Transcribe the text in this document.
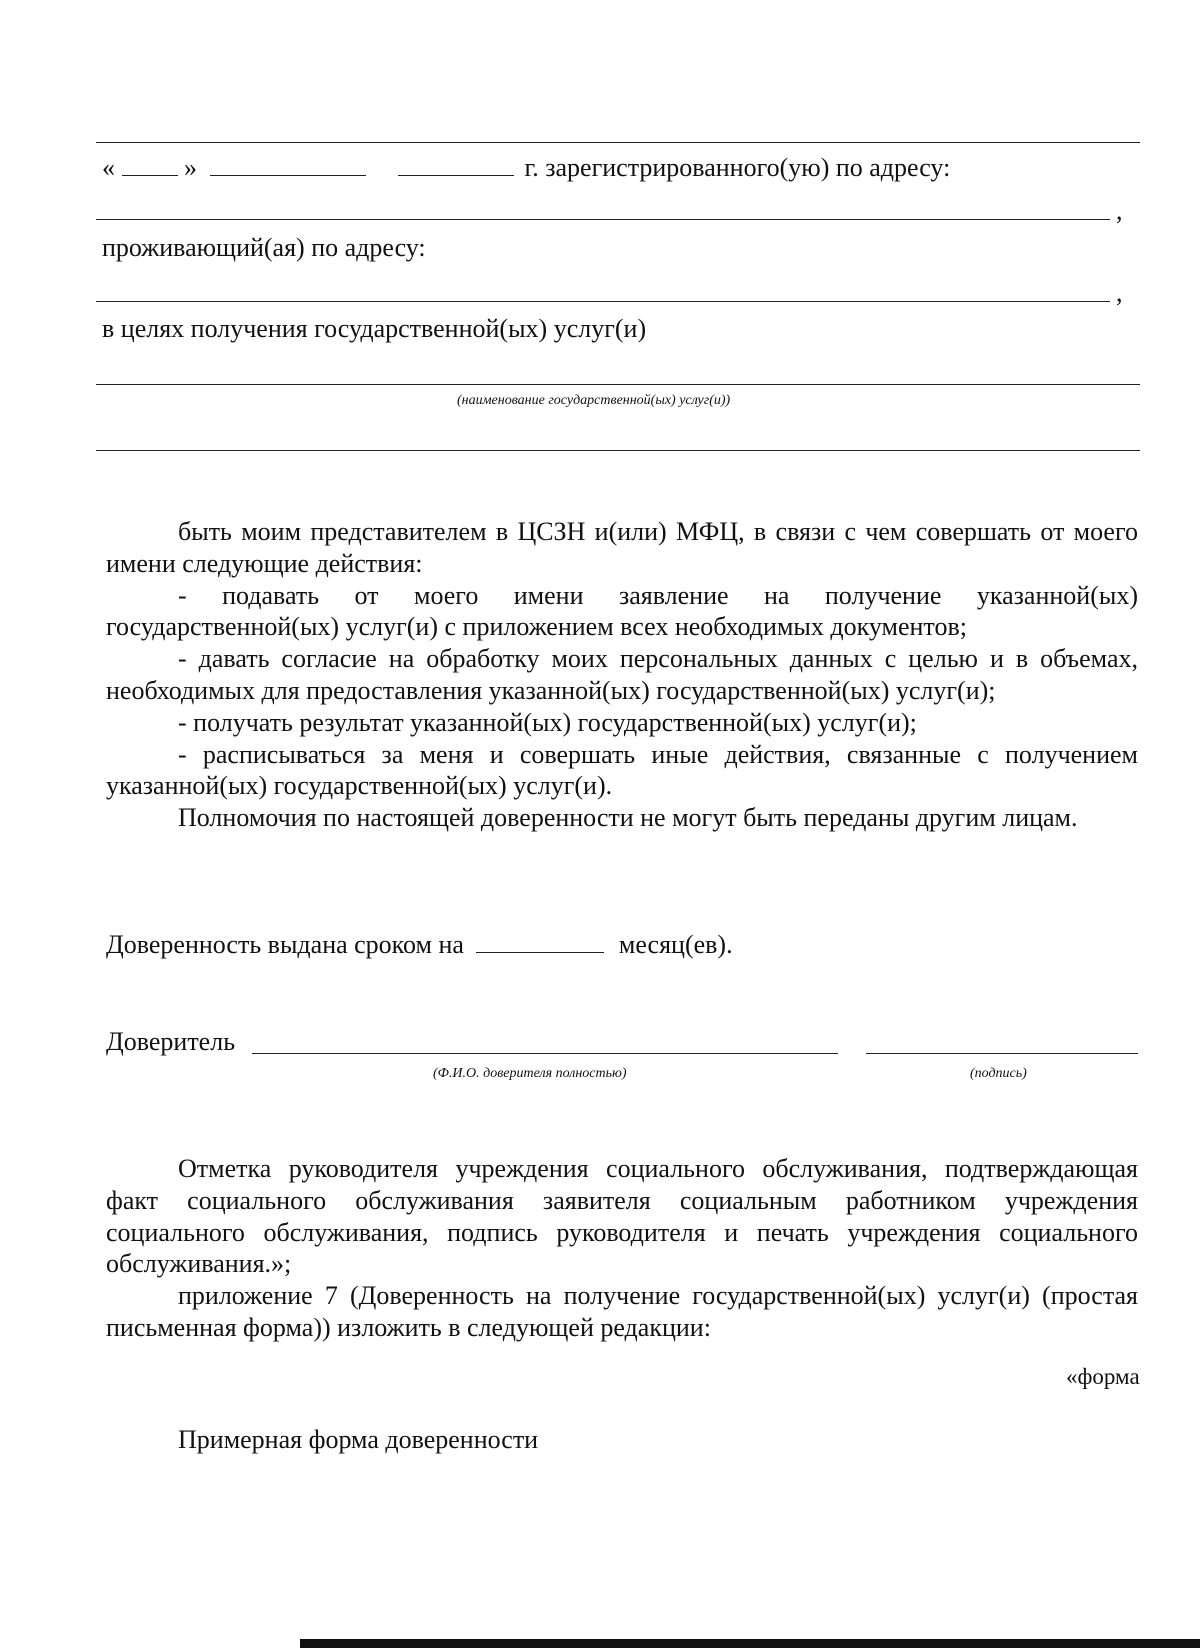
«	»	г. зарегистрированного(ую) по адресу:
,
проживающий(ая) по адресу:
,
в целях получения государственной(ых) услуг(и)
(наименование государственной(ых) услуг(и))

быть моим представителем в ЦСЗН и(или) МФЦ, в связи с чем совершать от моего имени следующие действия:

- подавать от моего имени заявление на получение указанной(ых) государственной(ых) услуг(и) с приложением всех необходимых документов;

- давать согласие на обработку моих персональных данных с целью и в объемах, необходимых для предоставления указанной(ых) государственной(ых) услуг(и);

- получать результат указанной(ых) государственной(ых) услуг(и);

- расписываться за меня и совершать иные действия, связанные с получением указанной(ых) государственной(ых) услуг(и).

Полномочия по настоящей доверенности не могут быть переданы другим лицам.

Доверенность выдана сроком на	месяц(ев).
Доверитель
(Ф.И.О. доверителя полностью)	(подпись)

Отметка руководителя учреждения социального обслуживания, подтверждающая факт социального обслуживания заявителя социальным работником учреждения социального обслуживания, подпись руководителя и печать учреждения социального обслуживания.»;

приложение 7 (Доверенность на получение государственной(ых) услуг(и) (простая письменная форма)) изложить в следующей редакции:

«форма
Примерная форма доверенности
